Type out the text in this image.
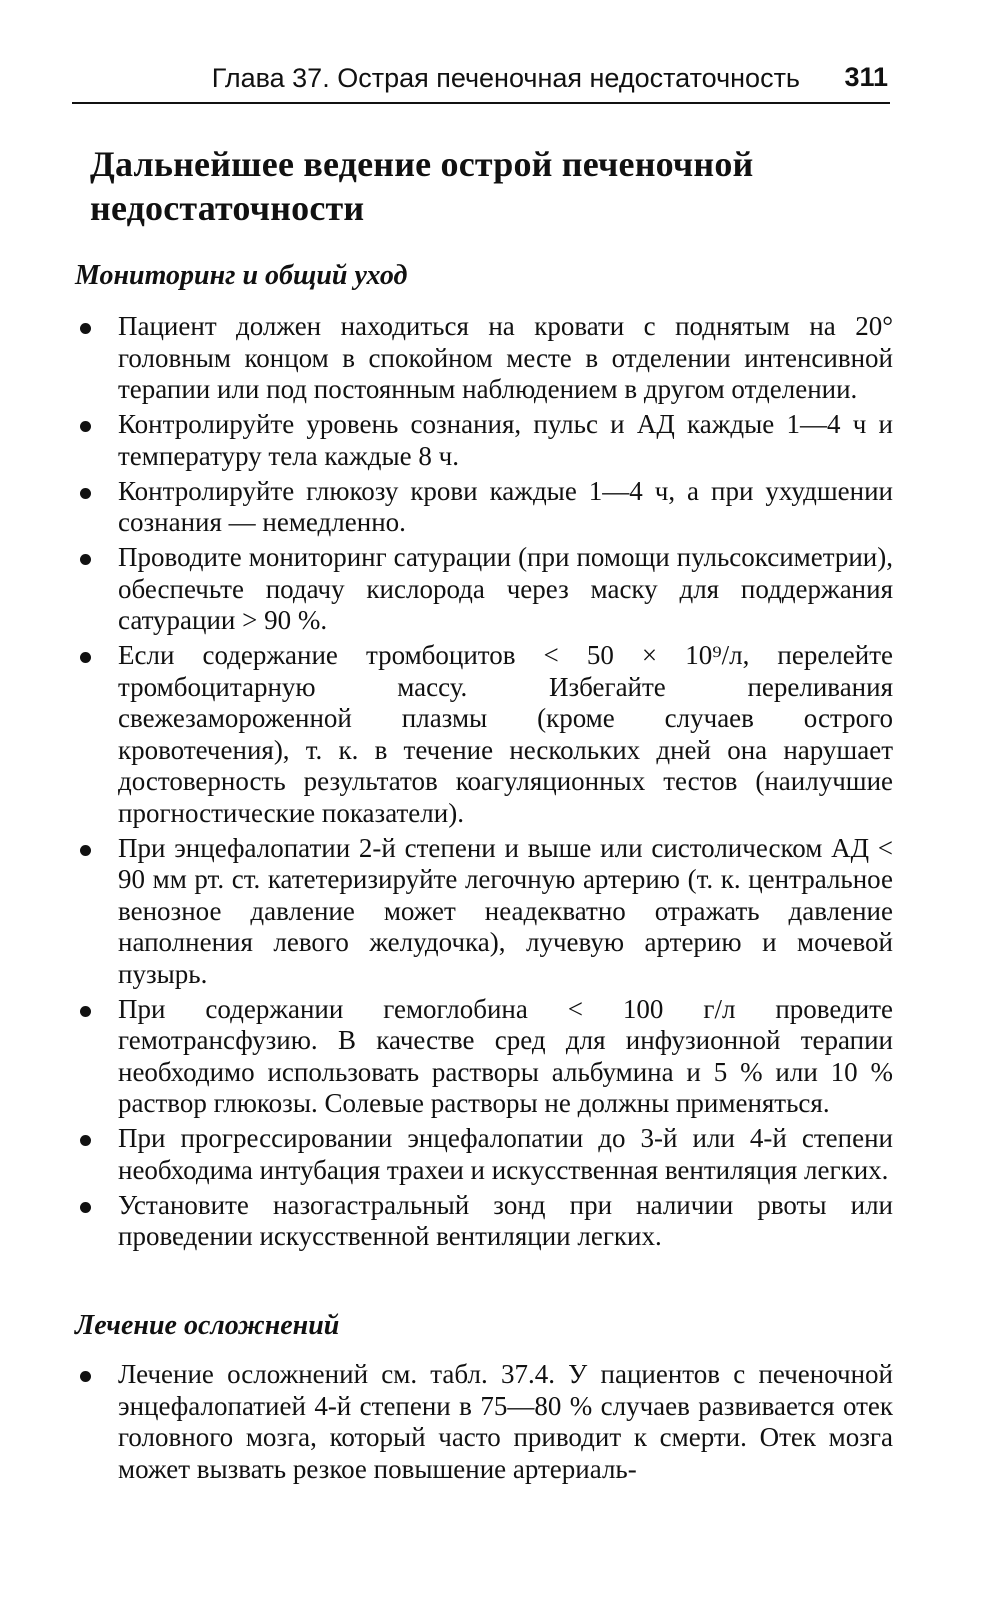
Глава 37. Острая печеночная недостаточность 311
Дальнейшее ведение острой печеночной недостаточности
Мониторинг и общий уход
Пациент должен находиться на кровати с поднятым на 20° головным концом в спокойном месте в отделении интенсивной терапии или под постоянным наблюдением в другом отделении.
Контролируйте уровень сознания, пульс и АД каждые 1—4 ч и температуру тела каждые 8 ч.
Контролируйте глюкозу крови каждые 1—4 ч, а при ухудшении сознания — немедленно.
Проводите мониторинг сатурации (при помощи пульсоксиметрии), обеспечьте подачу кислорода через маску для поддержания сатурации > 90 %.
Если содержание тромбоцитов < 50 × 10⁹/л, перелейте тромбоцитарную массу. Избегайте переливания свежезамороженной плазмы (кроме случаев острого кровотечения), т. к. в течение нескольких дней она нарушает достоверность результатов коагуляционных тестов (наилучшие прогностические показатели).
При энцефалопатии 2-й степени и выше или систолическом АД < 90 мм рт. ст. катетеризируйте легочную артерию (т. к. центральное венозное давление может неадекватно отражать давление наполнения левого желудочка), лучевую артерию и мочевой пузырь.
При содержании гемоглобина < 100 г/л проведите гемотрансфузию. В качестве сред для инфузионной терапии необходимо использовать растворы альбумина и 5 % или 10 % раствор глюкозы. Солевые растворы не должны применяться.
При прогрессировании энцефалопатии до 3-й или 4-й степени необходима интубация трахеи и искусственная вентиляция легких.
Установите назогастральный зонд при наличии рвоты или проведении искусственной вентиляции легких.
Лечение осложнений
Лечение осложнений см. табл. 37.4. У пациентов с печеночной энцефалопатией 4-й степени в 75—80 % случаев развивается отек головного мозга, который часто приводит к смерти. Отек мозга может вызвать резкое повышение артериаль-
